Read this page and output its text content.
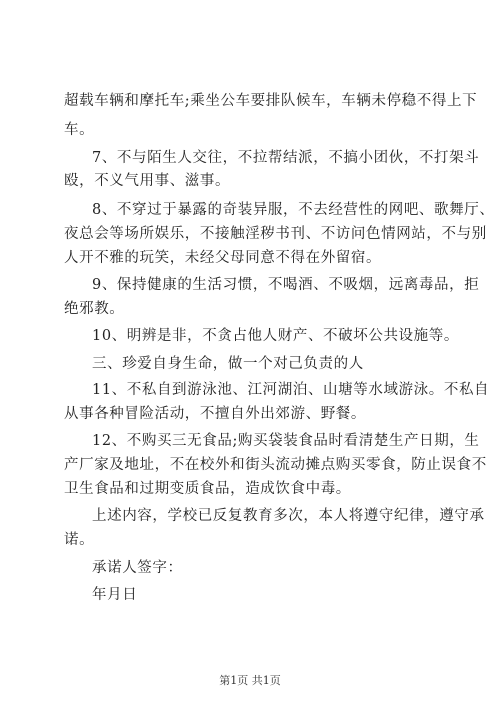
超载车辆和摩托车;乘坐公车要排队候车，车辆未停稳不得上下
车。
7、不与陌生人交往，不拉帮结派，不搞小团伙，不打架斗
殴，不义气用事、滋事。
8、不穿过于暴露的奇装异服，不去经营性的网吧、歌舞厅、
夜总会等场所娱乐，不接触淫秽书刊、不访问色情网站，不与别
人开不雅的玩笑，未经父母同意不得在外留宿。
9、保持健康的生活习惯，不喝酒、不吸烟，远离毒品，拒
绝邪教。
10、明辨是非，不贪占他人财产、不破坏公共设施等。
三、珍爱自身生命，做一个对己负责的人
11、不私自到游泳池、江河湖泊、山塘等水域游泳。不私自
从事各种冒险活动，不擅自外出郊游、野餐。
12、不购买三无食品;购买袋装食品时看清楚生产日期，生
产厂家及地址，不在校外和街头流动摊点购买零食，防止误食不
卫生食品和过期变质食品，造成饮食中毒。
上述内容，学校已反复教育多次，本人将遵守纪律，遵守承
诺。
承诺人签字：
年月日
第1页 共1页
